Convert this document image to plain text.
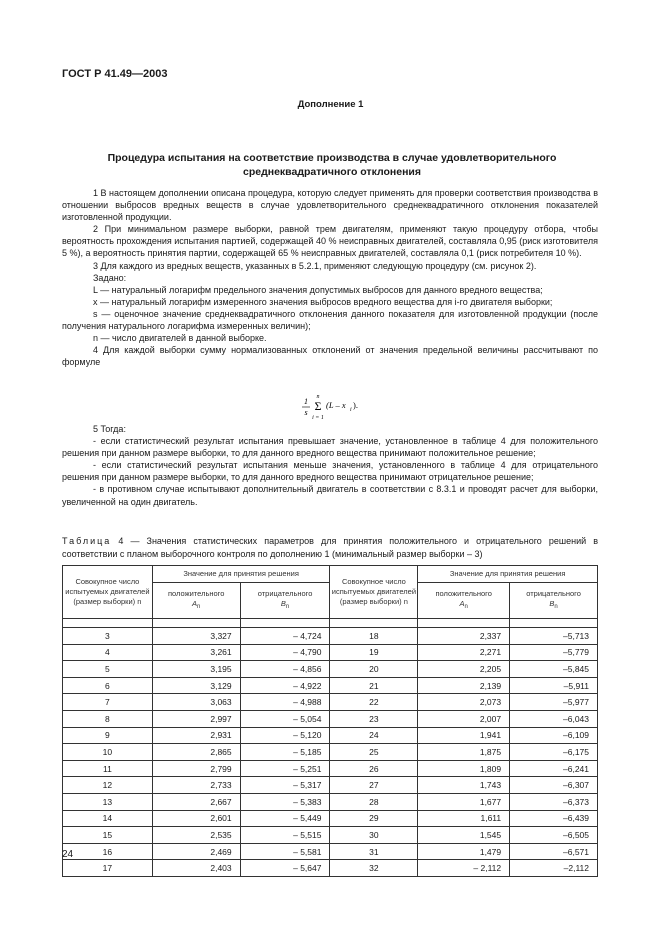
ГОСТ Р 41.49—2003
Дополнение 1
Процедура испытания на соответствие производства в случае удовлетворительного
среднеквадратичного отклонения

1 В настоящем дополнении описана процедура, которую следует применять для проверки соответствия производства в отношении выбросов вредных веществ в случае удовлетворительного среднеквадратичного отклонения показателей изготовленной продукции.

2 При минимальном размере выборки, равной трем двигателям, применяют такую процедуру отбора, чтобы вероятность прохождения испытания партией, содержащей 40 % неисправных двигателей, составляла 0,95 (риск изготовителя 5 %), а вероятность принятия партии, содержащей 65 % неисправных двигателей, составляла 0,1 (риск потребителя 10 %).

3 Для каждого из вредных веществ, указанных в 5.2.1, применяют следующую процедуру (см. рисунок 2).

Задано:

L — натуральный логарифм предельного значения допустимых выбросов для данного вредного вещества;

x — натуральный логарифм измеренного значения выбросов вредного вещества для i-го двигателя выборки;

s — оценочное значение среднеквадратичного отклонения данного показателя для изготовленной продукции (после получения натурального логарифма измеренных величин);

n — число двигателей в данной выборке.

4 Для каждой выборки сумму нормализованных отклонений от значения предельной величины рассчитывают по формуле

1
s
n
Σ
i = 1
(L – x i ).

5 Тогда:

- если статистический результат испытания превышает значение, установленное в таблице 4 для положительного решения при данном размере выборки, то для данного вредного вещества принимают положительное решение;

- если статистический результат испытания меньше значения, установленного в таблице 4 для отрицательного решения при данном размере выборки, то для данного вредного вещества принимают отрицательное решение;

- в противном случае испытывают дополнительный двигатель в соответствии с 8.3.1 и проводят расчет для выборки, увеличенной на один двигатель.

Таблица 4 — Значения статистических параметров для принятия положительного и отрицательного решений в соответствии с планом выборочного контроля по дополнению 1 (минимальный размер выборки – 3)
Совокупное число испытуемых двигателей (размер выборки) n	Значение для принятия решения		Совокупное число испытуемых двигателей (размер выборки) n	Значение для принятия решения	
	положительного
$A_n$	отрицательного
$B_n$		положительного
$A_n$	отрицательного
$B_n$

3	3,327	– 4,724	18	2,337	–5,713
4	3,261	– 4,790	19	2,271	–5,779
5	3,195	– 4,856	20	2,205	–5,845
6	3,129	– 4,922	21	2,139	–5,911
7	3,063	– 4,988	22	2,073	–5,977
8	2,997	– 5,054	23	2,007	–6,043
9	2,931	– 5,120	24	1,941	–6,109
10	2,865	– 5,185	25	1,875	–6,175
11	2,799	– 5,251	26	1,809	–6,241
12	2,733	– 5,317	27	1,743	–6,307
13	2,667	– 5,383	28	1,677	–6,373
14	2,601	– 5,449	29	1,611	–6,439
15	2,535	– 5,515	30	1,545	–6,505
16	2,469	– 5,581	31	1,479	–6,571
17	2,403	– 5,647	32	– 2,112	–2,112
24
